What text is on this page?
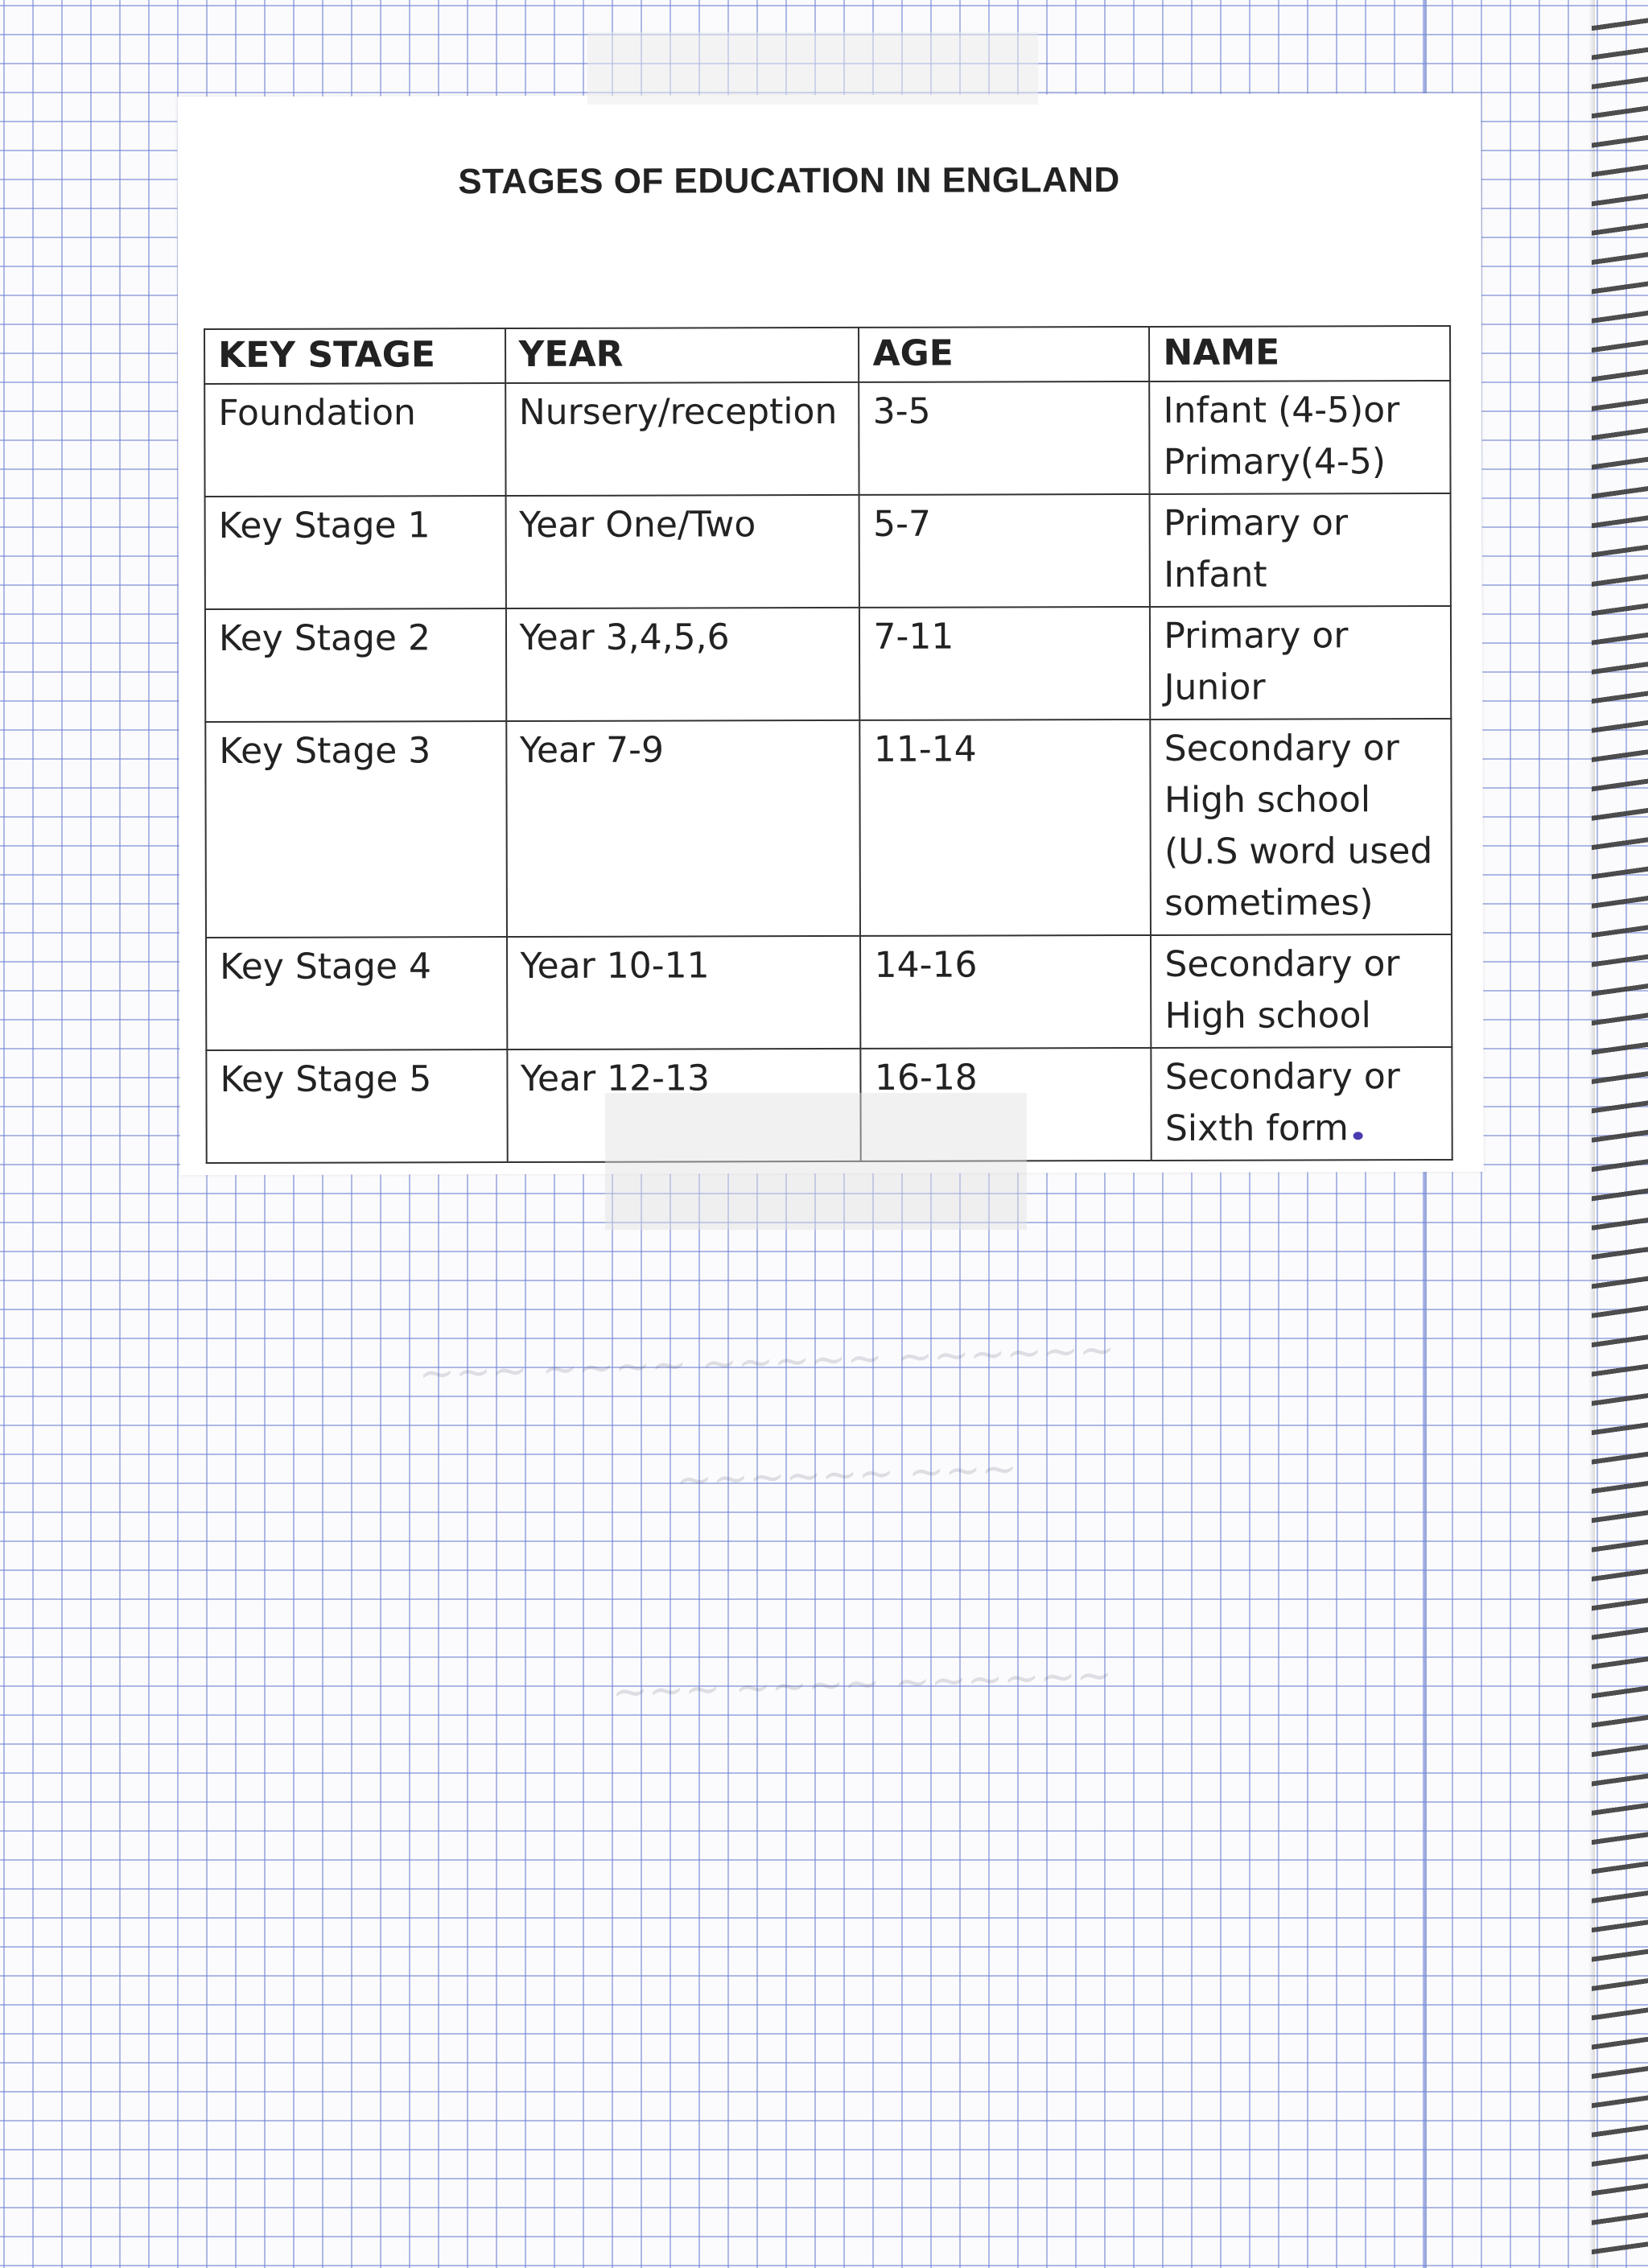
~~~ ~~~~ ~~~~~ ~~~~~~
~~~~~~ ~~~
~~~ ~~~~ ~~~~~~
STAGES OF EDUCATION IN ENGLAND
KEY STAGE	YEAR	AGE	NAME
Foundation	Nursery/reception	3-5	Infant (4-5)or Primary(4-5)
Key Stage 1	Year One/Two	5-7	Primary or Infant
Key Stage 2	Year 3,4,5,6	7-11	Primary or Junior
Key Stage 3	Year 7-9	11-14	Secondary or High school (U.S word used sometimes)
Key Stage 4	Year 10-11	14-16	Secondary or High school
Key Stage 5	Year 12-13	16-18	Secondary or Sixth form
